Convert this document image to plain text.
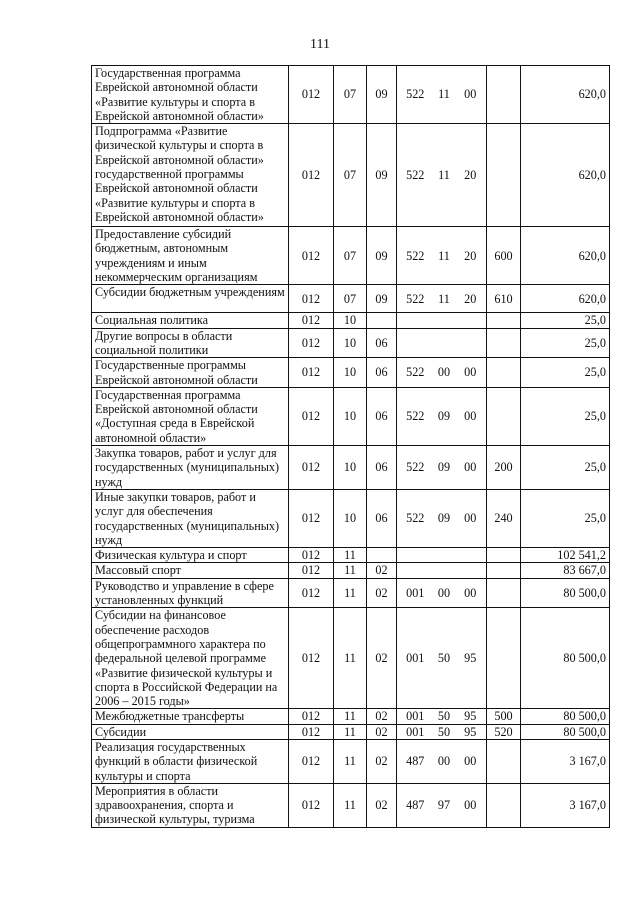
111
Государственная программа Еврейской автономной области «Развитие культуры и спорта в Еврейской автономной области»	012	07	09	522	11	00		620,0
Подпрограмма «Развитие физической культуры и спорта в Еврейской автономной области» государственной программы Еврейской автономной области «Развитие культуры и спорта в Еврейской автономной области»	012	07	09	522	11	20		620,0
Предоставление субсидий бюджетным, автономным учреждениям и иным некоммерческим организациям	012	07	09	522	11	20	600	620,0
Субсидии бюджетным учреждениям	012	07	09	522	11	20	610	620,0
Социальная политика	012	10						25,0
Другие вопросы в области социальной политики	012	10	06					25,0
Государственные программы Еврейской автономной области	012	10	06	522	00	00		25,0
Государственная программа Еврейской автономной области «Доступная среда в Еврейской автономной области»	012	10	06	522	09	00		25,0
Закупка товаров, работ и услуг для государственных (муниципальных) нужд	012	10	06	522	09	00	200	25,0
Иные закупки товаров, работ и услуг для обеспечения государственных (муниципальных) нужд	012	10	06	522	09	00	240	25,0
Физическая культура и спорт	012	11						102 541,2
Массовый спорт	012	11	02					83 667,0
Руководство и управление в сфере установленных функций	012	11	02	001	00	00		80 500,0
Субсидии на финансовое обеспечение расходов общепрограммного характера по федеральной целевой программе «Развитие физической культуры и спорта в Российской Федерации на 2006 – 2015 годы»	012	11	02	001	50	95		80 500,0
Межбюджетные трансферты	012	11	02	001	50	95	500	80 500,0
Субсидии	012	11	02	001	50	95	520	80 500,0
Реализация государственных функций в области физической культуры и спорта	012	11	02	487	00	00		3 167,0
Мероприятия в области здравоохранения, спорта и физической культуры, туризма	012	11	02	487	97	00		3 167,0
